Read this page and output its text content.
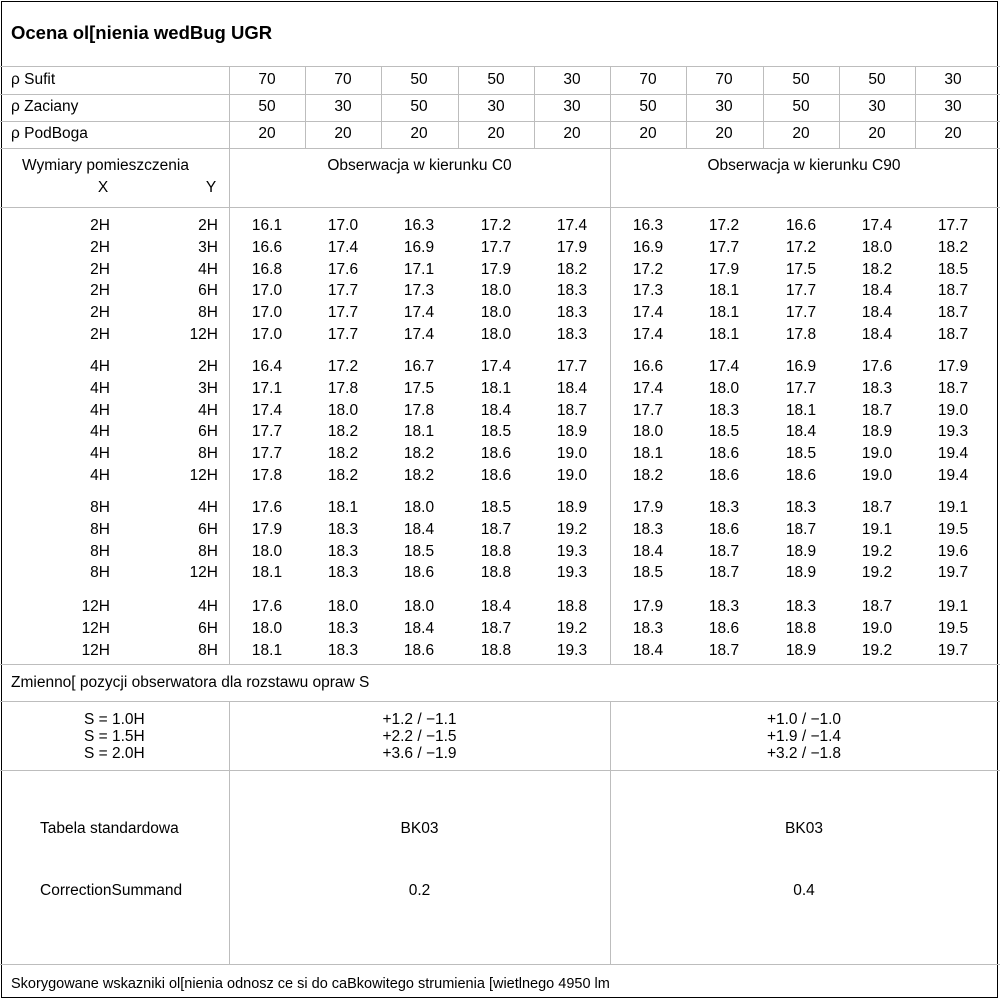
Ocena ol[nienia wedBug UGR
ρ Sufit	70	70	50	50	30	70	70	50	50	30
ρ Zaciany	50	30	50	30	30	50	30	50	30	30
ρ PodBoga	20	20	20	20	20	20	20	20	20	20
Wymiary pomieszczenia
X	Y
Obserwacja w kierunku C0	Obserwacja w kierunku C90
2H	2H	16.1	17.0	16.3	17.2	17.4	16.3	17.2	16.6	17.4	17.7
2H	3H	16.6	17.4	16.9	17.7	17.9	16.9	17.7	17.2	18.0	18.2
2H	4H	16.8	17.6	17.1	17.9	18.2	17.2	17.9	17.5	18.2	18.5
2H	6H	17.0	17.7	17.3	18.0	18.3	17.3	18.1	17.7	18.4	18.7
2H	8H	17.0	17.7	17.4	18.0	18.3	17.4	18.1	17.7	18.4	18.7
2H	12H	17.0	17.7	17.4	18.0	18.3	17.4	18.1	17.8	18.4	18.7
4H	2H	16.4	17.2	16.7	17.4	17.7	16.6	17.4	16.9	17.6	17.9
4H	3H	17.1	17.8	17.5	18.1	18.4	17.4	18.0	17.7	18.3	18.7
4H	4H	17.4	18.0	17.8	18.4	18.7	17.7	18.3	18.1	18.7	19.0
4H	6H	17.7	18.2	18.1	18.5	18.9	18.0	18.5	18.4	18.9	19.3
4H	8H	17.7	18.2	18.2	18.6	19.0	18.1	18.6	18.5	19.0	19.4
4H	12H	17.8	18.2	18.2	18.6	19.0	18.2	18.6	18.6	19.0	19.4
8H	4H	17.6	18.1	18.0	18.5	18.9	17.9	18.3	18.3	18.7	19.1
8H	6H	17.9	18.3	18.4	18.7	19.2	18.3	18.6	18.7	19.1	19.5
8H	8H	18.0	18.3	18.5	18.8	19.3	18.4	18.7	18.9	19.2	19.6
8H	12H	18.1	18.3	18.6	18.8	19.3	18.5	18.7	18.9	19.2	19.7
12H	4H	17.6	18.0	18.0	18.4	18.8	17.9	18.3	18.3	18.7	19.1
12H	6H	18.0	18.3	18.4	18.7	19.2	18.3	18.6	18.8	19.0	19.5
12H	8H	18.1	18.3	18.6	18.8	19.3	18.4	18.7	18.9	19.2	19.7
Zmienno[ pozycji obserwatora dla rozstawu opraw S
S = 1.0H	+1.2 / −1.1	+1.0 / −1.0
S = 1.5H	+2.2 / −1.5	+1.9 / −1.4
S = 2.0H	+3.6 / −1.9	+3.2 / −1.8
Tabela standardowa	BK03	BK03
CorrectionSummand	0.2	0.4
Skorygowane wskazniki ol[nienia odnosz ce si do caBkowitego strumienia [wietlnego 4950 lm
